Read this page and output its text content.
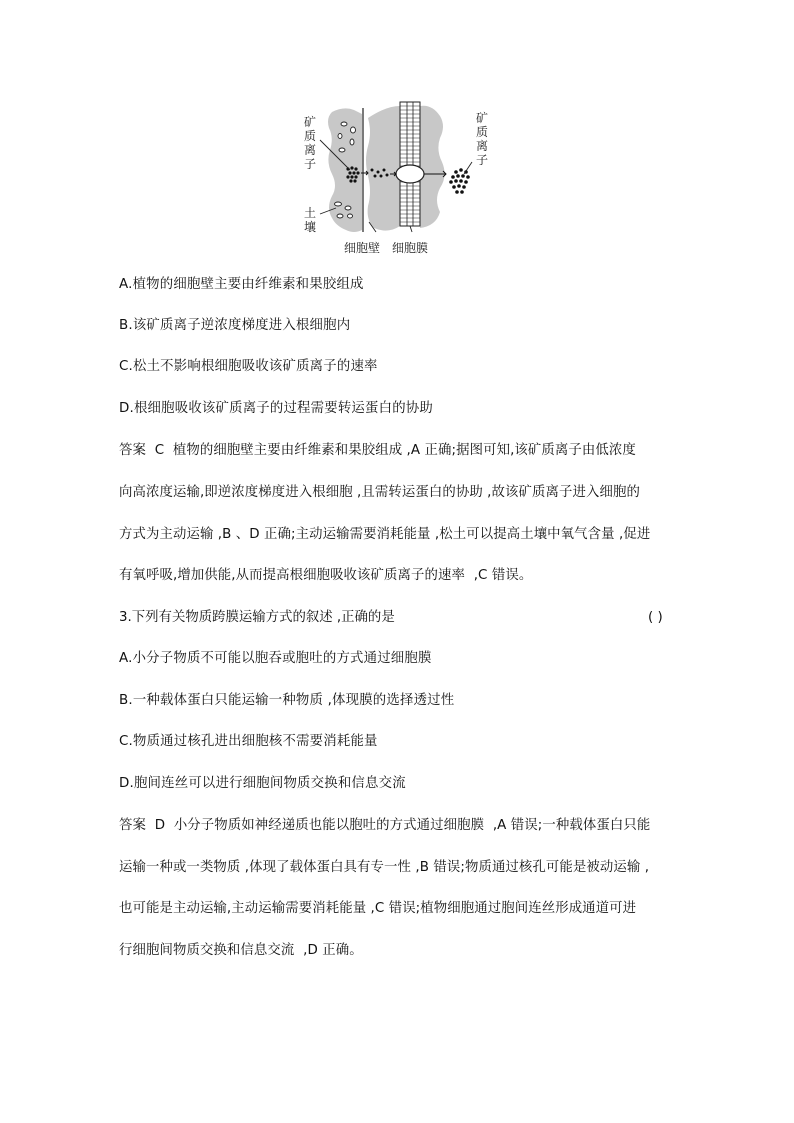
矿
质
离
子
土
壤
矿
质
离
子
细胞壁 细胞膜
A.植物的细胞壁主要由纤维素和果胶组成
B.该矿质离子逆浓度梯度进入根细胞内
C.松土不影响根细胞吸收该矿质离子的速率
D.根细胞吸收该矿质离子的过程需要转运蛋白的协助
答案  C  植物的细胞壁主要由纤维素和果胶组成 ,A 正确;据图可知,该矿质离子由低浓度
向高浓度运输,即逆浓度梯度进入根细胞 ,且需转运蛋白的协助 ,故该矿质离子进入细胞的
方式为主动运输 ,B 、D 正确;主动运输需要消耗能量 ,松土可以提高土壤中氧气含量 ,促进
有氧呼吸,增加供能,从而提高根细胞吸收该矿质离子的速率  ,C 错误。
3.下列有关物质跨膜运输方式的叙述 ,正确的是	( )
A.小分子物质不可能以胞吞或胞吐的方式通过细胞膜
B.一种载体蛋白只能运输一种物质 ,体现膜的选择透过性
C.物质通过核孔进出细胞核不需要消耗能量
D.胞间连丝可以进行细胞间物质交换和信息交流
答案  D  小分子物质如神经递质也能以胞吐的方式通过细胞膜  ,A 错误;一种载体蛋白只能
运输一种或一类物质 ,体现了载体蛋白具有专一性 ,B 错误;物质通过核孔可能是被动运输 ,
也可能是主动运输,主动运输需要消耗能量 ,C 错误;植物细胞通过胞间连丝形成通道可进
行细胞间物质交换和信息交流  ,D 正确。
